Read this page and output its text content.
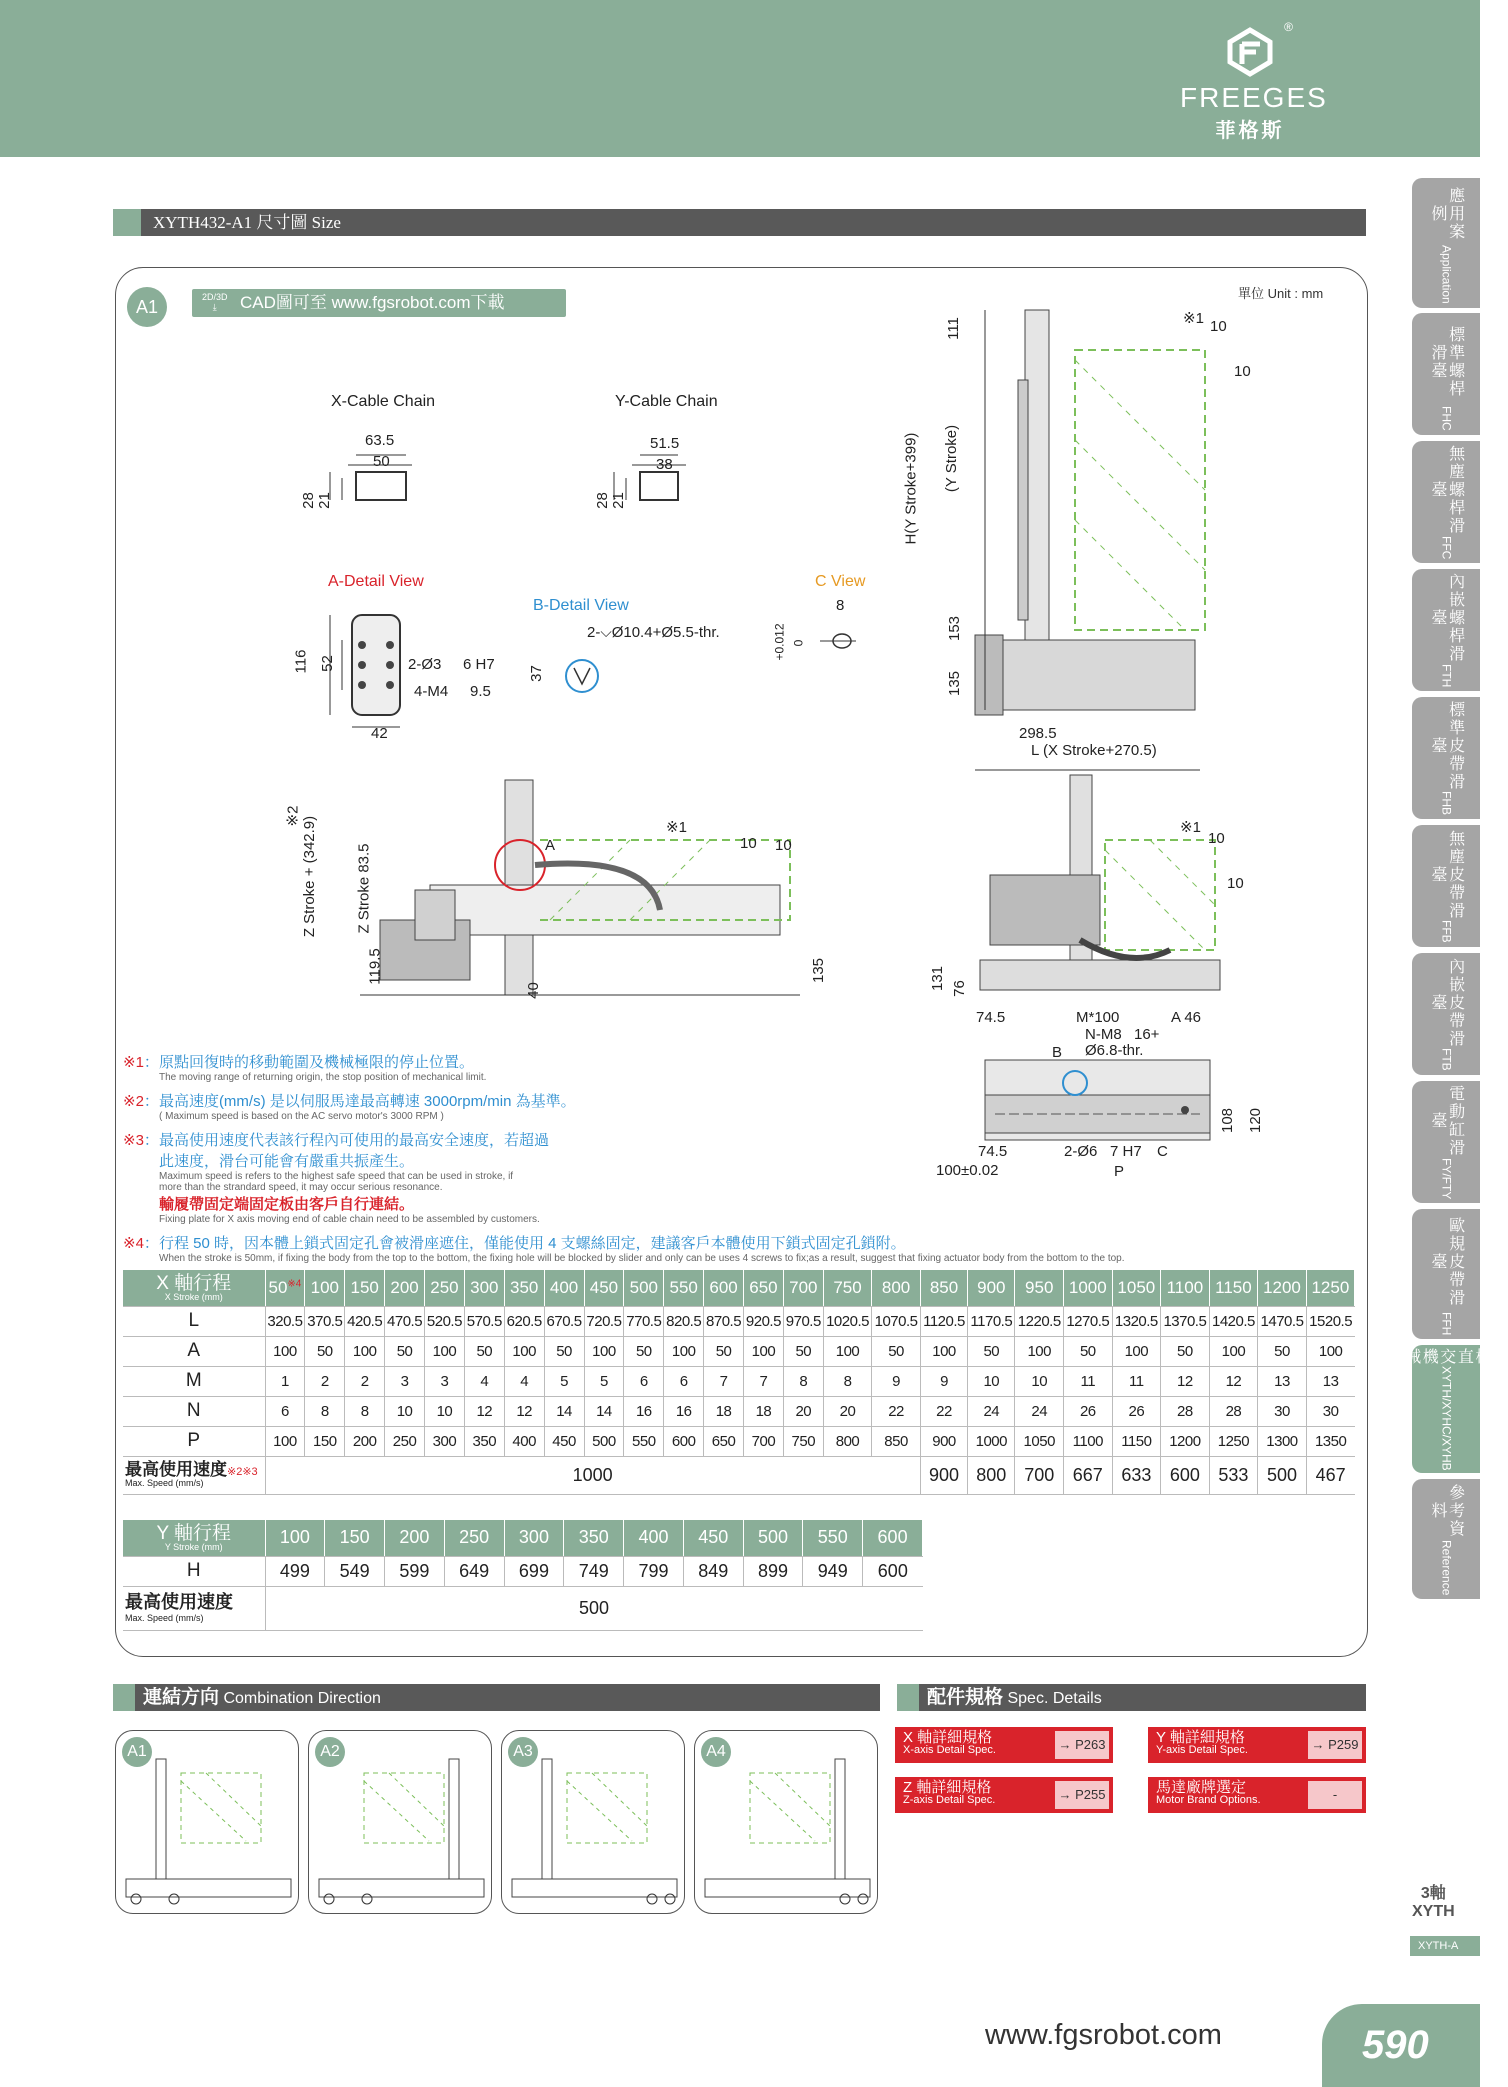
FREEGES
菲格斯
®
XYTH432-A1 尺寸圖 Size	應用案例
Application
標準螺桿滑臺
FHC
無塵螺桿滑臺
FFC
內嵌螺桿滑臺
FTH
標準皮帶滑臺
FHB
無塵皮帶滑臺
FFB
內嵌皮帶滑臺
FTB
電動缸滑臺
FY/FTY
歐規皮帶滑臺
FFH
螺桿直交機械手
XYTH/XYHC/XYHB
參考資料
Reference
A1	2D/3D
⤓	CAD圖可至 www.fgsrobot.com下載	單位 Unit : mm
X-Cable Chain	Y-Cable Chain
63.5
50
28 21
51.5
38
28 21
A-Detail View
B-Detail View
C View
116 52	2-Ø3 6 H7
4-M4 9.5
42
2-⌵Ø10.4+Ø5.5-thr.
37
8
+0.012 0
111
H(Y Stroke+399) (Y Stroke)
153
135
298.5
L (X Stroke+270.5)
※1 10
10
※2 Z Stroke + (342.9) Z Stroke 83.5
119.5
40
135
A
※1
10 10
※1
10
10
131 76
74.5	M*100	A 46
N-M8 16+
Ø6.8-thr.
B
74.5
100±0.02
2-Ø6 7 H7 C
P
108 120
※1：原點回復時的移動範圍及機械極限的停止位置。
The moving range of returning origin, the stop position of mechanical limit.
※2：最高速度(mm/s) 是以伺服馬達最高轉速 3000rpm/min 為基準。
( Maximum speed is based on the AC servo motor's 3000 RPM )
※3：最高使用速度代表該行程內可使用的最高安全速度，若超過
此速度，滑台可能會有嚴重共振產生。
Maximum speed is refers to the highest safe speed that can be used in stroke, if
more than the strandard speed, it may occur serious resonance.
輸履帶固定端固定板由客戶自行連結。
Fixing plate for X axis moving end of cable chain need to be assembled by customers.
※4：行程 50 時，因本體上鎖式固定孔會被滑座遮住，僅能使用 4 支螺絲固定，建議客戶本體使用下鎖式固定孔鎖附。
When the stroke is 50mm, if fixing the body from the top to the bottom, the fixing hole will be blocked by slider and only can be uses 4 screws to fix;as a result, suggest that fixing actuator body from the bottom to the top.
X 軸行程
X Stroke (mm)	50$^{※4}$	100	150	200	250	300	350	400	450	500	550	600	650	700	750	800	850	900	950	1000	1050	1100	1150	1200	1250
L	320.5	370.5	420.5	470.5	520.5	570.5	620.5	670.5	720.5	770.5	820.5	870.5	920.5	970.5	1020.5	1070.5	1120.5	1170.5	1220.5	1270.5	1320.5	1370.5	1420.5	1470.5	1520.5
A	100	50	100	50	100	50	100	50	100	50	100	50	100	50	100	50	100	50	100	50	100	50	100	50	100
M	1	2	2	3	3	4	4	5	5	6	6	7	7	8	8	9	9	10	10	11	11	12	12	13	13
N	6	8	8	10	10	12	12	14	14	16	16	18	18	20	20	22	22	24	24	26	26	28	28	30	30
P	100	150	200	250	300	350	400	450	500	550	600	650	700	750	800	850	900	1000	1050	1100	1150	1200	1250	1300	1350
最高使用速度※2※3
Max. Speed (mm/s)	1000																900	800	700	667	633	600	533	500	467
Y 軸行程
Y Stroke (mm)	100	150	200	250	300	350	400	450	500	550	600
H	499	549	599	649	699	749	799	849	899	949	600
最高使用速度
Max. Speed (mm/s)	500										
連結方向 Combination Direction
A1	A2	A3	A4
配件規格 Spec. Details
X 軸詳細規格
X-axis Detail Spec.	→ P263	Y 軸詳細規格
Y-axis Detail Spec.	→ P259
Z 軸詳細規格
Z-axis Detail Spec.	→ P255	馬達廠牌選定
Motor Brand Options.	-
3軸
XYTH
XYTH-A
www.fgsrobot.com	590
